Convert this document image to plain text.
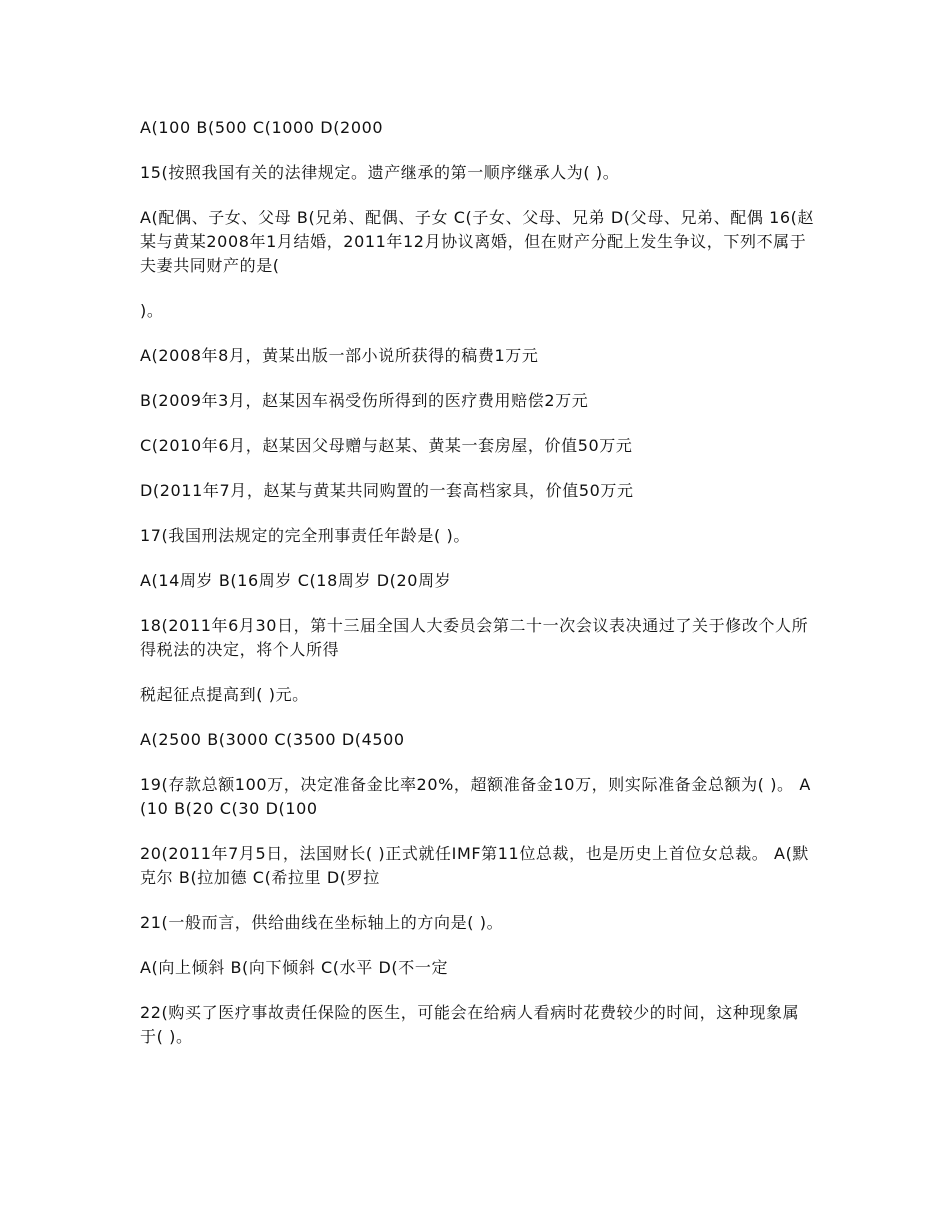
A(100 B(500 C(1000 D(2000

15(按照我国有关的法律规定。遗产继承的第一顺序继承人为( )。

A(配偶、子女、父母 B(兄弟、配偶、子女 C(子女、父母、兄弟 D(父母、兄弟、配偶 16(赵某与黄某2008年1月结婚，2011年12月协议离婚，但在财产分配上发生争议，下列不属于夫妻共同财产的是(

)。

A(2008年8月，黄某出版一部小说所获得的稿费1万元

B(2009年3月，赵某因车祸受伤所得到的医疗费用赔偿2万元

C(2010年6月，赵某因父母赠与赵某、黄某一套房屋，价值50万元

D(2011年7月，赵某与黄某共同购置的一套高档家具，价值50万元

17(我国刑法规定的完全刑事责任年龄是( )。

A(14周岁 B(16周岁 C(18周岁 D(20周岁

18(2011年6月30日，第十三届全国人大委员会第二十一次会议表决通过了关于修改个人所得税法的决定，将个人所得

税起征点提高到( )元。

A(2500 B(3000 C(3500 D(4500

19(存款总额100万，决定准备金比率20%，超额准备金10万，则实际准备金总额为( )。 A(10 B(20 C(30 D(100

20(2011年7月5日，法国财长( )正式就任IMF第11位总裁，也是历史上首位女总裁。 A(默克尔 B(拉加德 C(希拉里 D(罗拉

21(一般而言，供给曲线在坐标轴上的方向是( )。

A(向上倾斜 B(向下倾斜 C(水平 D(不一定

22(购买了医疗事故责任保险的医生，可能会在给病人看病时花费较少的时间，这种现象属于( )。
